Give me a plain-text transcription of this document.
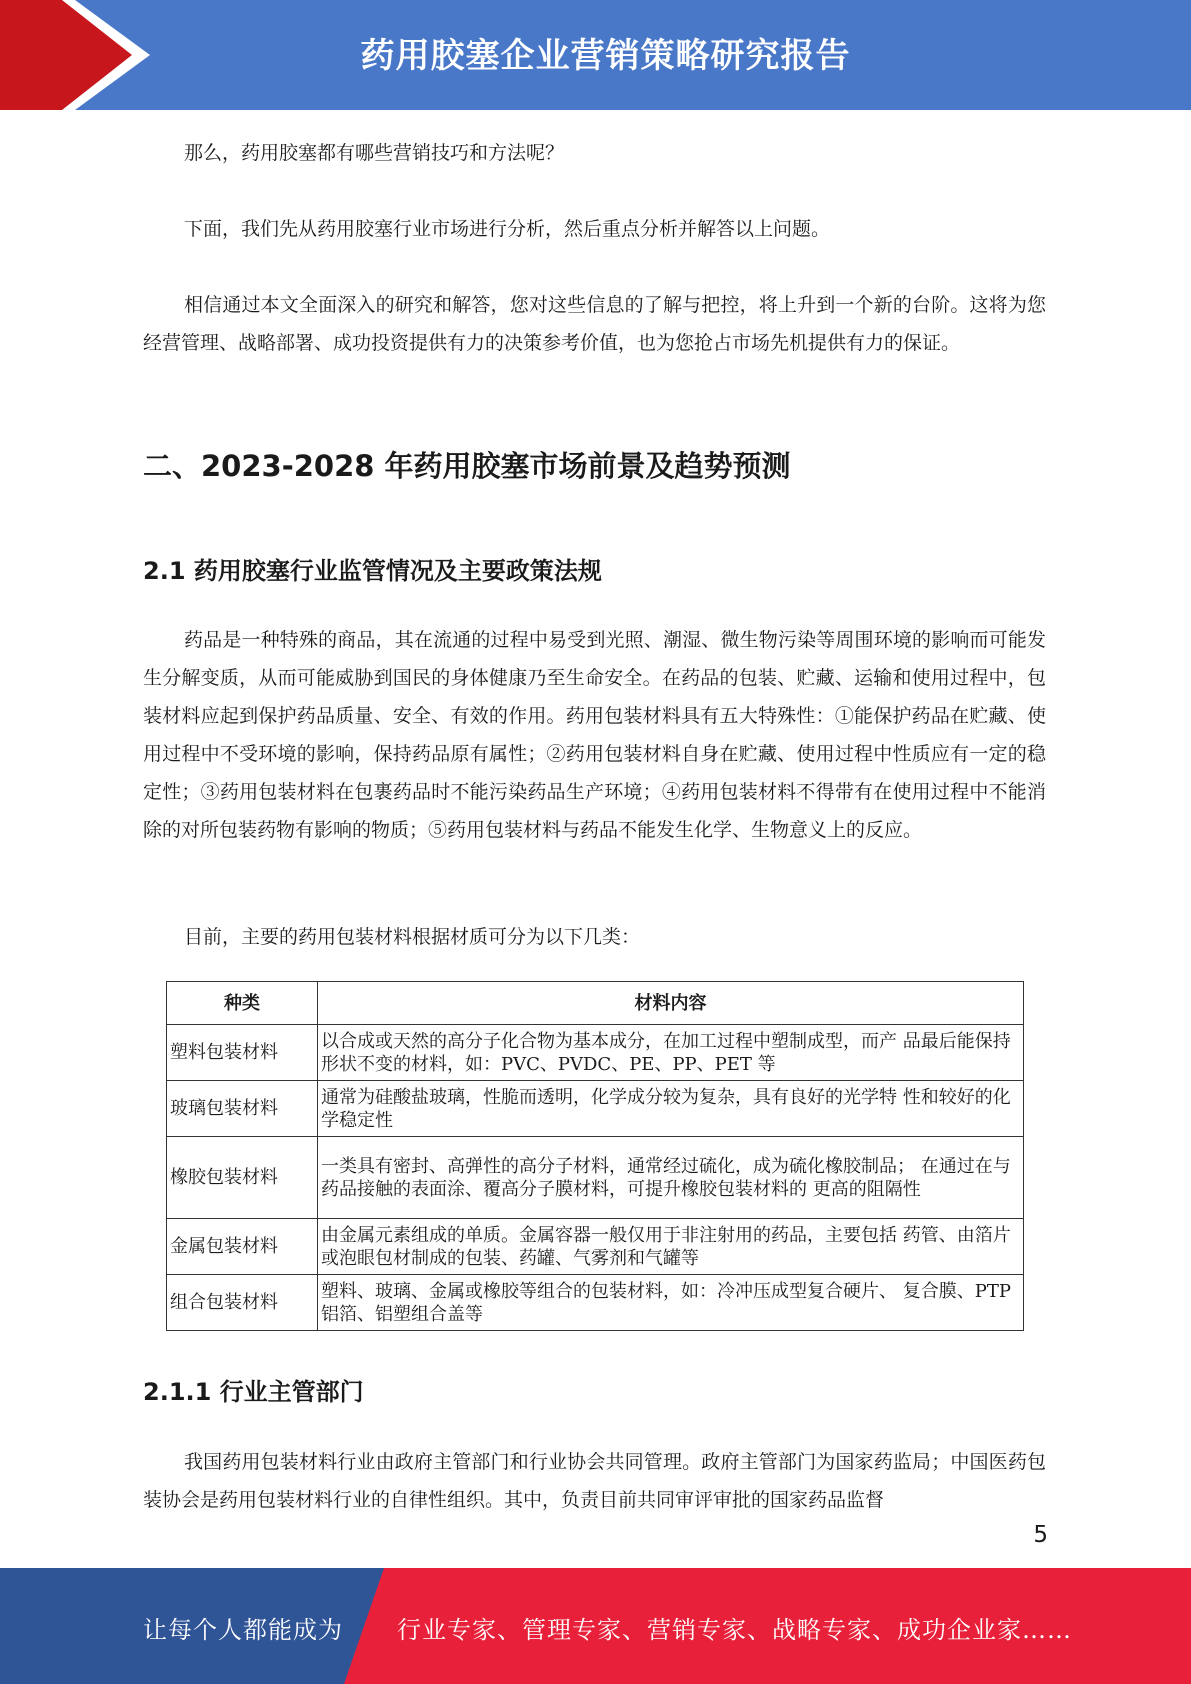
药用胶塞企业营销策略研究报告

那么，药用胶塞都有哪些营销技巧和方法呢？

下面，我们先从药用胶塞行业市场进行分析，然后重点分析并解答以上问题。

相信通过本文全面深入的研究和解答，您对这些信息的了解与把控，将上升到一个新的台阶。这将为您经营管理、战略部署、成功投资提供有力的决策参考价值，也为您抢占市场先机提供有力的保证。

二、2023-2028 年药用胶塞市场前景及趋势预测
2.1 药用胶塞行业监管情况及主要政策法规

药品是一种特殊的商品，其在流通的过程中易受到光照、潮湿、微生物污染等周围环境的影响而可能发生分解变质，从而可能威胁到国民的身体健康乃至生命安全。在药品的包装、贮藏、运输和使用过程中，包装材料应起到保护药品质量、安全、有效的作用。药用包装材料具有五大特殊性：①能保护药品在贮藏、使用过程中不受环境的影响，保持药品原有属性；②药用包装材料自身在贮藏、使用过程中性质应有一定的稳定性；③药用包装材料在包裹药品时不能污染药品生产环境；④药用包装材料不得带有在使用过程中不能消除的对所包装药物有影响的物质；⑤药用包装材料与药品不能发生化学、生物意义上的反应。

目前，主要的药用包装材料根据材质可分为以下几类：

种类	材料内容
塑料包装材料	以合成或天然的高分子化合物为基本成分，在加工过程中塑制成型，而产 品最后能保持形状不变的材料，如：PVC、PVDC、PE、PP、PET 等
玻璃包装材料	通常为硅酸盐玻璃，性脆而透明，化学成分较为复杂，具有良好的光学特 性和较好的化学稳定性
橡胶包装材料	一类具有密封、高弹性的高分子材料，通常经过硫化，成为硫化橡胶制品； 在通过在与药品接触的表面涂、覆高分子膜材料，可提升橡胶包装材料的 更高的阻隔性
金属包装材料	由金属元素组成的单质。金属容器一般仅用于非注射用的药品，主要包括 药管、由箔片或泡眼包材制成的包装、药罐、气雾剂和气罐等
组合包装材料	塑料、玻璃、金属或橡胶等组合的包装材料，如：冷冲压成型复合硬片、 复合膜、PTP 铝箔、铝塑组合盖等
2.1.1 行业主管部门

我国药用包装材料行业由政府主管部门和行业协会共同管理。政府主管部门为国家药监局；中国医药包装协会是药用包装材料行业的自律性组织。其中，负责目前共同审评审批的国家药品监督

5
让每个人都能成为 行业专家、管理专家、营销专家、战略专家、成功企业家……
